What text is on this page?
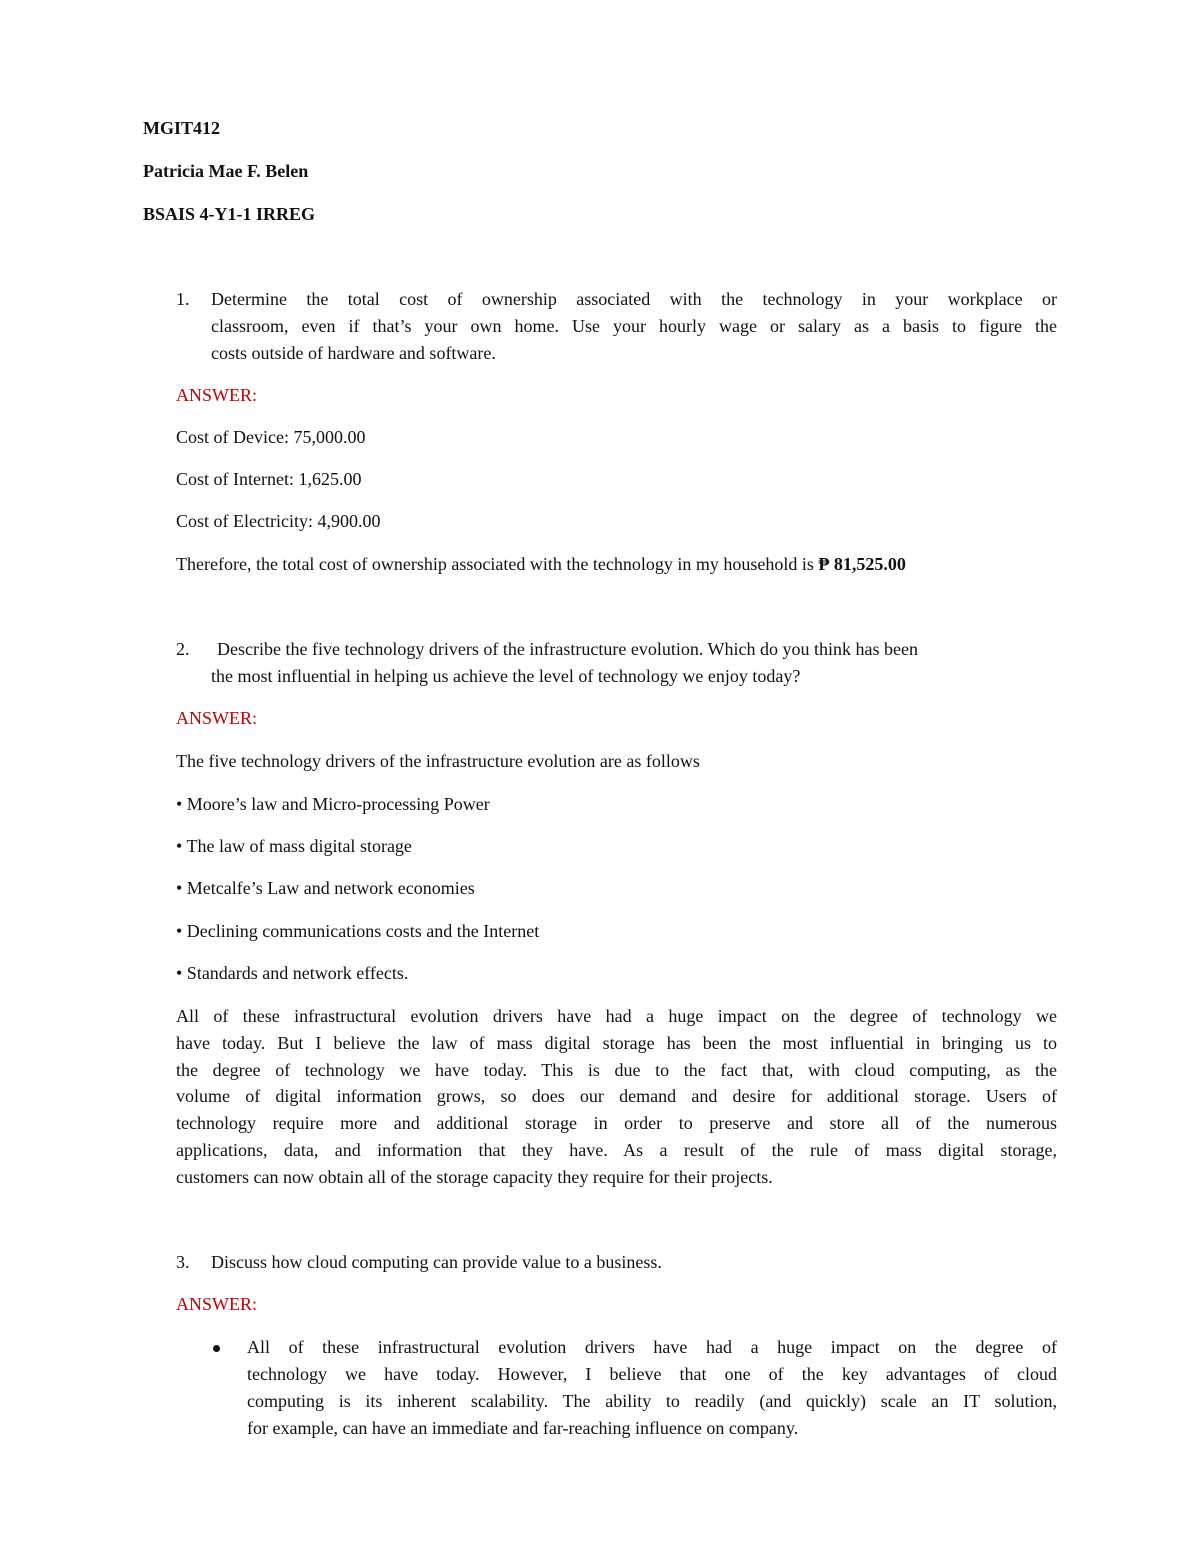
MGIT412
Patricia Mae F. Belen
BSAIS 4-Y1-1 IRREG
1. Determine the total cost of ownership associated with the technology in your workplace or
classroom, even if that’s your own home. Use your hourly wage or salary as a basis to figure the
costs outside of hardware and software.
ANSWER:
Cost of Device: 75,000.00
Cost of Internet: 1,625.00
Cost of Electricity: 4,900.00
Therefore, the total cost of ownership associated with the technology in my household is ₱ 81,525.00
2. Describe the five technology drivers of the infrastructure evolution. Which do you think has been
the most influential in helping us achieve the level of technology we enjoy today?
ANSWER:
The five technology drivers of the infrastructure evolution are as follows
• Moore’s law and Micro-processing Power
• The law of mass digital storage
• Metcalfe’s Law and network economies
• Declining communications costs and the Internet
• Standards and network effects.
All of these infrastructural evolution drivers have had a huge impact on the degree of technology we
have today. But I believe the law of mass digital storage has been the most influential in bringing us to
the degree of technology we have today. This is due to the fact that, with cloud computing, as the
volume of digital information grows, so does our demand and desire for additional storage. Users of
technology require more and additional storage in order to preserve and store all of the numerous
applications, data, and information that they have. As a result of the rule of mass digital storage,
customers can now obtain all of the storage capacity they require for their projects.
3. Discuss how cloud computing can provide value to a business.
ANSWER:
All of these infrastructural evolution drivers have had a huge impact on the degree of
technology we have today. However, I believe that one of the key advantages of cloud
computing is its inherent scalability. The ability to readily (and quickly) scale an IT solution,
for example, can have an immediate and far-reaching influence on company.
